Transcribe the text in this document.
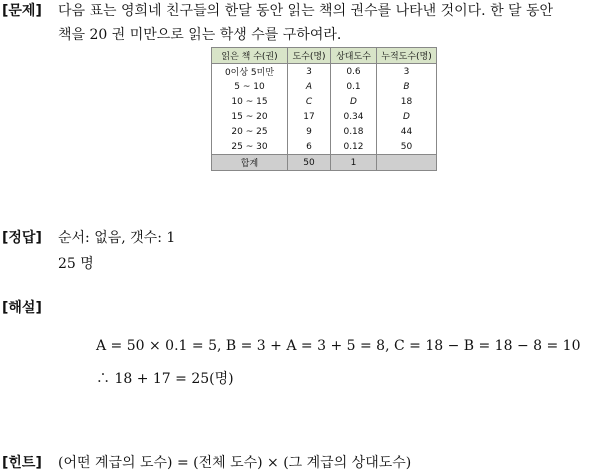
[문제] 다음 표는 영희네 친구들의 한달 동안 읽는 책의 권수를 나타낸 것이다. 한 달 동안
책을 20 권 미만으로 읽는 학생 수를 구하여라.
읽은 책 수(권)	도수(명)	상대도수	누적도수(명)
0이상 5미만	3	0.6	3
5 ~ 10	A	0.1	B
10 ~ 15	C	D	18
15 ~ 20	17	0.34	D
20 ~ 25	9	0.18	44
25 ~ 30	6	0.12	50
합계	50	1	
[정답] 순서: 없음, 갯수: 1
25 명
[해설]
A = 50 × 0.1 = 5, B = 3 + A = 3 + 5 = 8, C = 18 − B = 18 − 8 = 10
∴ 18 + 17 = 25(명)
[힌트] (어떤 계급의 도수) = (전체 도수) × (그 계급의 상대도수)
